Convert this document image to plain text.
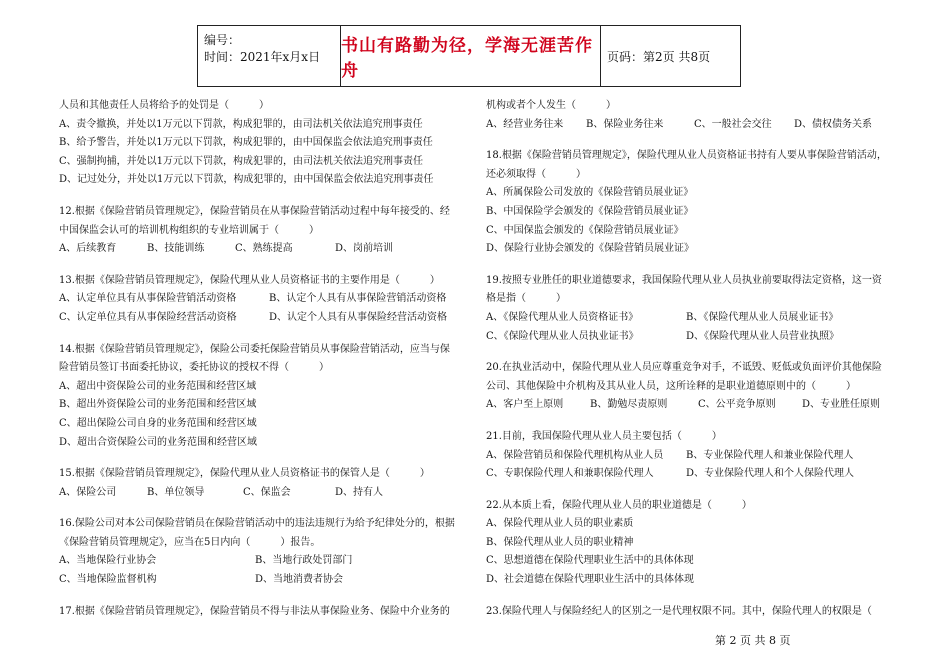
编号：
时间：2021年x月x日
书山有路勤为径，学海无涯苦作舟
页码：第2页 共8页

人员和其他责任人员将给予的处罚是（　　　）

A、责令撤换，并处以1万元以下罚款，构成犯罪的，由司法机关依法追究刑事责任

B、给予警告，并处以1万元以下罚款，构成犯罪的，由中国保监会依法追究刑事责任

C、强制拘捕，并处以1万元以下罚款，构成犯罪的，由司法机关依法追究刑事责任

D、记过处分，并处以1万元以下罚款，构成犯罪的，由中国保监会依法追究刑事责任

12.根据《保险营销员管理规定》，保险营销员在从事保险营销活动过程中每年接受的、经

中国保监会认可的培训机构组织的专业培训属于（　　　）

A、后续教育	B、技能训练	C、熟练提高	D、岗前培训

13.根据《保险营销员管理规定》，保险代理从业人员资格证书的主要作用是（　　　）

A、认定单位具有从事保险营销活动资格	B、认定个人具有从事保险营销活动资格
C、认定单位具有从事保险经营活动资格	D、认定个人具有从事保险经营活动资格

14.根据《保险营销员管理规定》，保险公司委托保险营销员从事保险营销活动，应当与保

险营销员签订书面委托协议，委托协议的授权不得（　　　）

A、超出中资保险公司的业务范围和经营区域

B、超出外资保险公司的业务范围和经营区域

C、超出保险公司自身的业务范围和经营区域

D、超出合资保险公司的业务范围和经营区域

15.根据《保险营销员管理规定》，保险代理从业人员资格证书的保管人是（　　　）

A、保险公司	B、单位领导	C、保监会	D、持有人

16.保险公司对本公司保险营销员在保险营销活动中的违法违规行为给予纪律处分的，根据

《保险营销员管理规定》，应当在5日内向（　　　）报告。

A、当地保险行业协会	B、当地行政处罚部门
C、当地保险监督机构	D、当地消费者协会

17.根据《保险营销员管理规定》，保险营销员不得与非法从事保险业务、保险中介业务的

机构或者个人发生（　　　）

A、经营业务往来	B、保险业务往来	C、一般社会交往	D、债权债务关系

18.根据《保险营销员管理规定》，保险代理从业人员资格证书持有人要从事保险营销活动，

还必须取得（　　　）

A、所属保险公司发放的《保险营销员展业证》

B、中国保险学会颁发的《保险营销员展业证》

C、中国保监会颁发的《保险营销员展业证》

D、保险行业协会颁发的《保险营销员展业证》

19.按照专业胜任的职业道德要求，我国保险代理从业人员执业前要取得法定资格，这一资

格是指（　　　）

A、《保险代理从业人员资格证书》	B、《保险代理从业人员展业证书》
C、《保险代理从业人员执业证书》	D、《保险代理从业人员营业执照》

20.在执业活动中，保险代理从业人员应尊重竞争对手，不诋毁、贬低或负面评价其他保险

公司、其他保险中介机构及其从业人员，这所诠释的是职业道德原则中的（　　　）

A、客户至上原则	B、勤勉尽责原则	C、公平竞争原则	D、专业胜任原则

21.目前，我国保险代理从业人员主要包括（　　　）

A、保险营销员和保险代理机构从业人员	B、专业保险代理人和兼业保险代理人
C、专职保险代理人和兼职保险代理人	D、专业保险代理人和个人保险代理人

22.从本质上看，保险代理从业人员的职业道德是（　　　）

A、保险代理从业人员的职业素质

B、保险代理从业人员的职业精神

C、思想道德在保险代理职业生活中的具体体现

D、社会道德在保险代理职业生活中的具体体现

23.保险代理人与保险经纪人的区别之一是代理权限不同。其中，保险代理人的权限是（

第 2 页 共 8 页
